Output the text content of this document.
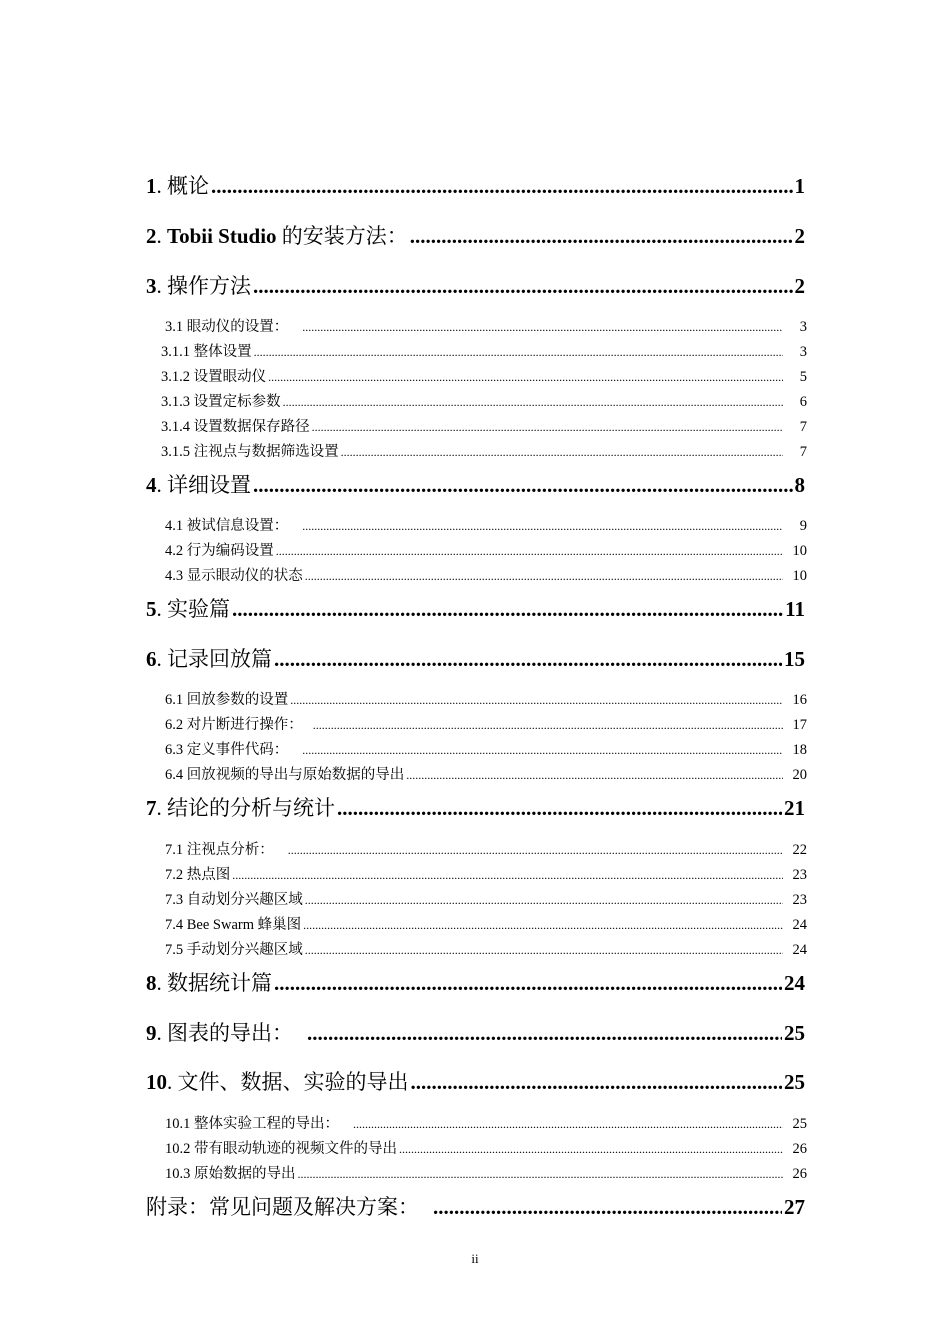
1. 概论 .....	1
2. Tobii Studio 的安装方法： .....	2
3. 操作方法 .....	2
3.1 眼动仪的设置： .....	3
3.1.1 整体设置 .....	3
3.1.2 设置眼动仪 .....	5
3.1.3 设置定标参数 .....	6
3.1.4 设置数据保存路径 .....	7
3.1.5 注视点与数据筛选设置 .....	7
4. 详细设置 .....	8
4.1 被试信息设置： .....	9
4.2 行为编码设置 .....	10
4.3 显示眼动仪的状态 .....	10
5. 实验篇 .....	11
6. 记录回放篇 .....	15
6.1 回放参数的设置 .....	16
6.2 对片断进行操作： .....	17
6.3 定义事件代码： .....	18
6.4 回放视频的导出与原始数据的导出 .....	20
7. 结论的分析与统计 .....	21
7.1 注视点分析： .....	22
7.2 热点图 .....	23
7.3 自动划分兴趣区域 .....	23
7.4 Bee Swarm 蜂巢图 .....	24
7.5 手动划分兴趣区域 .....	24
8. 数据统计篇 .....	24
9. 图表的导出： .....	25
10. 文件、数据、实验的导出 .....	25
10.1 整体实验工程的导出： .....	25
10.2 带有眼动轨迹的视频文件的导出 .....	26
10.3 原始数据的导出 .....	26
附录：常见问题及解决方案： .....	27
ii
